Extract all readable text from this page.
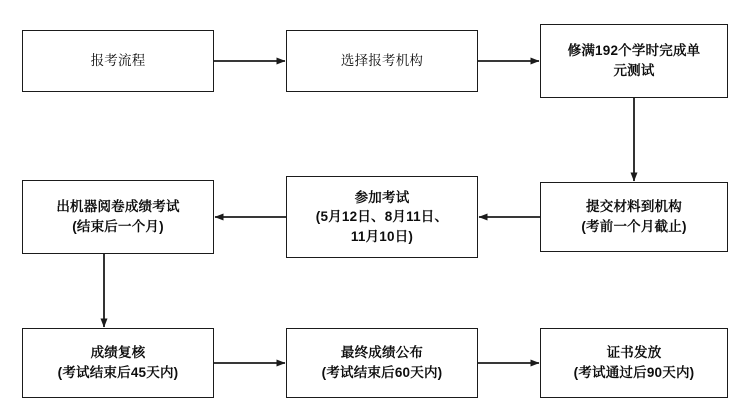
报考流程	选择报考机构
修满192个学时完成单
元测试
提交材料到机构
(考前一个月截止)
参加考试
(5月12日、8月11日、
11月10日)
出机器阅卷成绩考试
(结束后一个月)
成绩复核
(考试结束后45天内)
最终成绩公布
(考试结束后60天内)
证书发放
(考试通过后90天内)
